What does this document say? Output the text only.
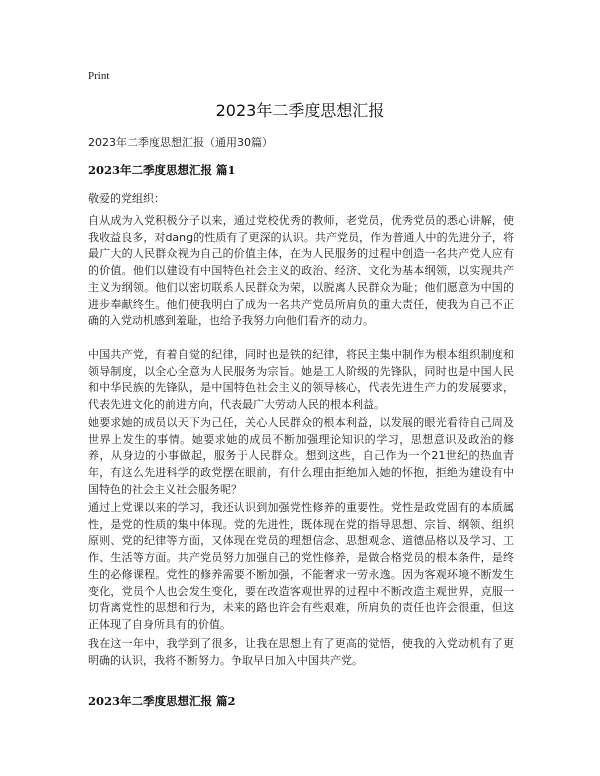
Print
2023年二季度思想汇报
2023年二季度思想汇报（通用30篇）
2023年二季度思想汇报 篇1
敬爱的党组织：

自从成为入党积极分子以来，通过党校优秀的教师，老党员，优秀党员的悉心讲解，使我收益良多，对dang的性质有了更深的认识。共产党员，作为普通人中的先进分子，将最广大的人民群众视为自己的价值主体，在为人民服务的过程中创造一名共产党人应有的价值。他们以建设有中国特色社会主义的政治、经济、文化为基本纲领，以实现共产主义为纲领。他们以密切联系人民群众为荣，以脱离人民群众为耻；他们愿意为中国的进步奉献终生。他们使我明白了成为一名共产党员所肩负的重大责任，使我为自己不正确的入党动机感到羞耻，也给予我努力向他们看齐的动力。

中国共产党，有着自觉的纪律，同时也是铁的纪律，将民主集中制作为根本组织制度和领导制度，以全心全意为人民服务为宗旨。她是工人阶级的先锋队，同时也是中国人民和中华民族的先锋队，是中国特色社会主义的领导核心，代表先进生产力的发展要求，代表先进文化的前进方向，代表最广大劳动人民的根本利益。

她要求她的成员以天下为己任，关心人民群众的根本利益，以发展的眼光看待自己周及世界上发生的事情。她要求她的成员不断加强理论知识的学习，思想意识及政治的修养，从身边的小事做起，服务于人民群众。想到这些，自己作为一个21世纪的热血青年，有这么先进科学的政党摆在眼前，有什么理由拒绝加入她的怀抱，拒绝为建设有中国特色的社会主义社会服务呢？

通过上党课以来的学习，我还认识到加强党性修养的重要性。党性是政党固有的本质属性，是党的性质的集中体现。党的先进性，既体现在党的指导思想、宗旨、纲领、组织原则、党的纪律等方面，又体现在党员的理想信念、思想观念、道德品格以及学习、工作、生活等方面。共产党员努力加强自己的党性修养，是做合格党员的根本条件，是终生的必修课程。党性的修养需要不断加强，不能奢求一劳永逸。因为客观环境不断发生变化，党员个人也会发生变化，要在改造客观世界的过程中不断改造主观世界，克服一切背离党性的思想和行为，未来的路也许会有些艰难，所肩负的责任也许会很重，但这正体现了自身所具有的价值。

我在这一年中，我学到了很多，让我在思想上有了更高的觉悟，使我的入党动机有了更明确的认识，我将不断努力。争取早日加入中国共产党。

2023年二季度思想汇报 篇2
